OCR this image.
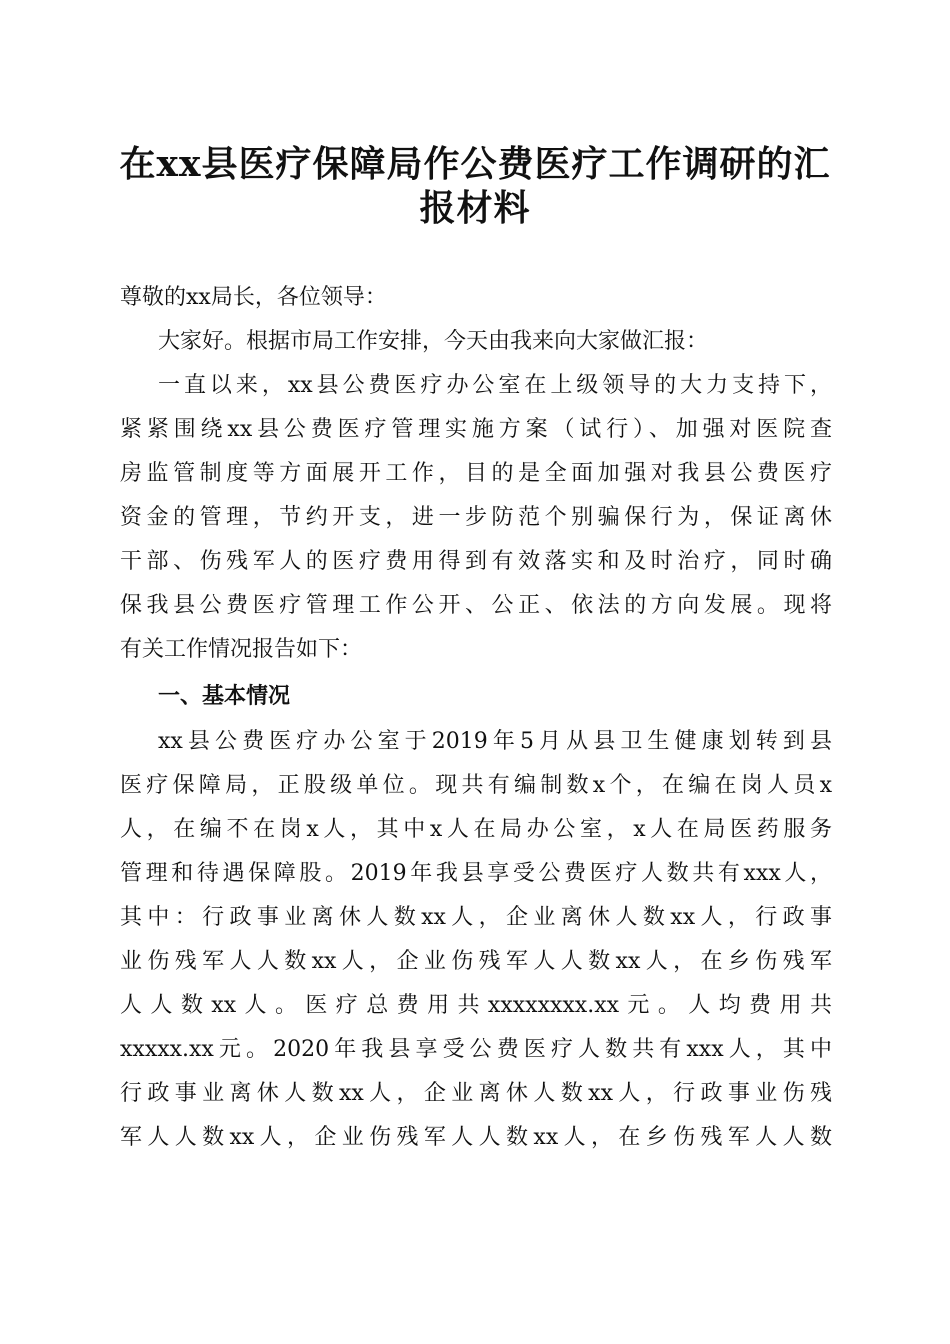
在xx县医疗保障局作公费医疗工作调研的汇
报材料
尊敬的xx局长，各位领导：
大家好。根据市局工作安排，今天由我来向大家做汇报：
一直以来，xx县公费医疗办公室在上级领导的大力支持下，
紧紧围绕xx县公费医疗管理实施方案（试行）、加强对医院查
房监管制度等方面展开工作，目的是全面加强对我县公费医疗
资金的管理，节约开支，进一步防范个别骗保行为，保证离休
干部、伤残军人的医疗费用得到有效落实和及时治疗，同时确
保我县公费医疗管理工作公开、公正、依法的方向发展。现将
有关工作情况报告如下：
一、基本情况
xx县公费医疗办公室于2019年5月从县卫生健康划转到县
医疗保障局，正股级单位。现共有编制数x个，在编在岗人员x
人，在编不在岗x人，其中x人在局办公室，x人在局医药服务
管理和待遇保障股。2019年我县享受公费医疗人数共有xxx人，
其中：行政事业离休人数xx人，企业离休人数xx人，行政事
业伤残军人人数xx人，企业伤残军人人数xx人，在乡伤残军
人人数xx人。医疗总费用共xxxxxxxx.xx元。人均费用共
xxxxx.xx元。2020年我县享受公费医疗人数共有xxx人，其中
行政事业离休人数xx人，企业离休人数xx人，行政事业伤残
军人人数xx人，企业伤残军人人数xx人，在乡伤残军人人数
